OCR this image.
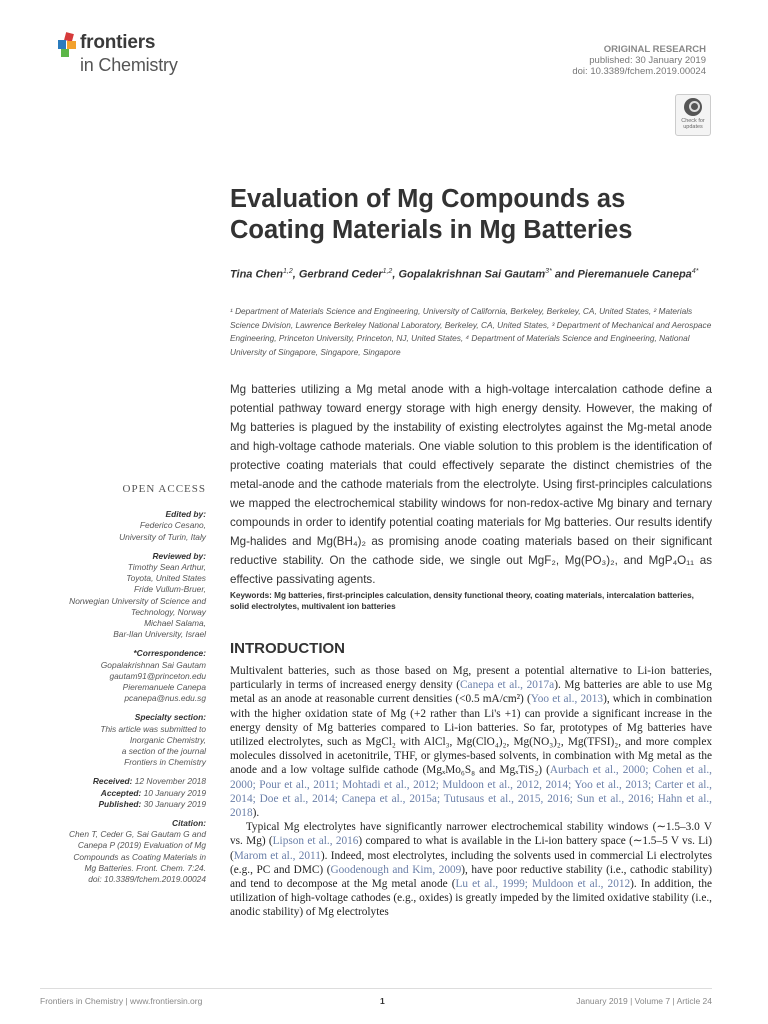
frontiers
in Chemistry
ORIGINAL RESEARCH
published: 30 January 2019
doi: 10.3389/fchem.2019.00024
Check for updates
Evaluation of Mg Compounds as Coating Materials in Mg Batteries
Tina Chen$^{1,2}$, Gerbrand Ceder$^{1,2}$, Gopalakrishnan Sai Gautam$^{3*}$ and Pieremanuele Canepa$^{4*}$
¹ Department of Materials Science and Engineering, University of California, Berkeley, Berkeley, CA, United States, ² Materials Science Division, Lawrence Berkeley National Laboratory, Berkeley, CA, United States, ³ Department of Mechanical and Aerospace Engineering, Princeton University, Princeton, NJ, United States, ⁴ Department of Materials Science and Engineering, National University of Singapore, Singapore, Singapore
Mg batteries utilizing a Mg metal anode with a high-voltage intercalation cathode define a potential pathway toward energy storage with high energy density. However, the making of Mg batteries is plagued by the instability of existing electrolytes against the Mg-metal anode and high-voltage cathode materials. One viable solution to this problem is the identification of protective coating materials that could effectively separate the distinct chemistries of the metal-anode and the cathode materials from the electrolyte. Using first-principles calculations we mapped the electrochemical stability windows for non-redox-active Mg binary and ternary compounds in order to identify potential coating materials for Mg batteries. Our results identify Mg-halides and Mg(BH₄)₂ as promising anode coating materials based on their significant reductive stability. On the cathode side, we single out MgF₂, Mg(PO₃)₂, and MgP₄O₁₁ as effective passivating agents.
Keywords: Mg batteries, first-principles calculation, density functional theory, coating materials, intercalation batteries, solid electrolytes, multivalent ion batteries
INTRODUCTION

Multivalent batteries, such as those based on Mg, present a potential alternative to Li-ion batteries, particularly in terms of increased energy density (Canepa et al., 2017a). Mg batteries are able to use Mg metal as an anode at reasonable current densities (<0.5 mA/cm²) (Yoo et al., 2013), which in combination with the higher oxidation state of Mg (+2 rather than Li's +1) can provide a significant increase in the energy density of Mg batteries compared to Li-ion batteries. So far, prototypes of Mg batteries have utilized electrolytes, such as MgCl₂ with AlCl₃, Mg(ClO₄)₂, Mg(NO₃)₂, Mg(TFSI)₂, and more complex molecules dissolved in acetonitrile, THF, or glymes-based solvents, in combination with Mg metal as the anode and a low voltage sulfide cathode (MgₓMo₆S₈ and MgₓTiS₂) (Aurbach et al., 2000; Cohen et al., 2000; Pour et al., 2011; Mohtadi et al., 2012; Muldoon et al., 2012, 2014; Yoo et al., 2013; Carter et al., 2014; Doe et al., 2014; Canepa et al., 2015a; Tutusaus et al., 2015, 2016; Sun et al., 2016; Hahn et al., 2018).

Typical Mg electrolytes have significantly narrower electrochemical stability windows (∼1.5–3.0 V vs. Mg) (Lipson et al., 2016) compared to what is available in the Li-ion battery space (∼1.5–5 V vs. Li) (Marom et al., 2011). Indeed, most electrolytes, including the solvents used in commercial Li electrolytes (e.g., PC and DMC) (Goodenough and Kim, 2009), have poor reductive stability (i.e., cathodic stability) and tend to decompose at the Mg metal anode (Lu et al., 1999; Muldoon et al., 2012). In addition, the utilization of high-voltage cathodes (e.g., oxides) is greatly impeded by the limited oxidative stability (i.e., anodic stability) of Mg electrolytes

OPEN ACCESS
Edited by:
Federico Cesano,
University of Turin, Italy
Reviewed by:
Timothy Sean Arthur,
Toyota, United States
Fride Vullum-Bruer,
Norwegian University of Science and
Technology, Norway
Michael Salama,
Bar-Ilan University, Israel
*Correspondence:
Gopalakrishnan Sai Gautam
gautam91@princeton.edu
Pieremanuele Canepa
pcanepa@nus.edu.sg
Specialty section:
This article was submitted to
Inorganic Chemistry,
a section of the journal
Frontiers in Chemistry
Received: 12 November 2018
Accepted: 10 January 2019
Published: 30 January 2019
Citation:
Chen T, Ceder G, Sai Gautam G and
Canepa P (2019) Evaluation of Mg
Compounds as Coating Materials in
Mg Batteries. Front. Chem. 7:24.
doi: 10.3389/fchem.2019.00024
Frontiers in Chemistry | www.frontiersin.org	1	January 2019 | Volume 7 | Article 24
